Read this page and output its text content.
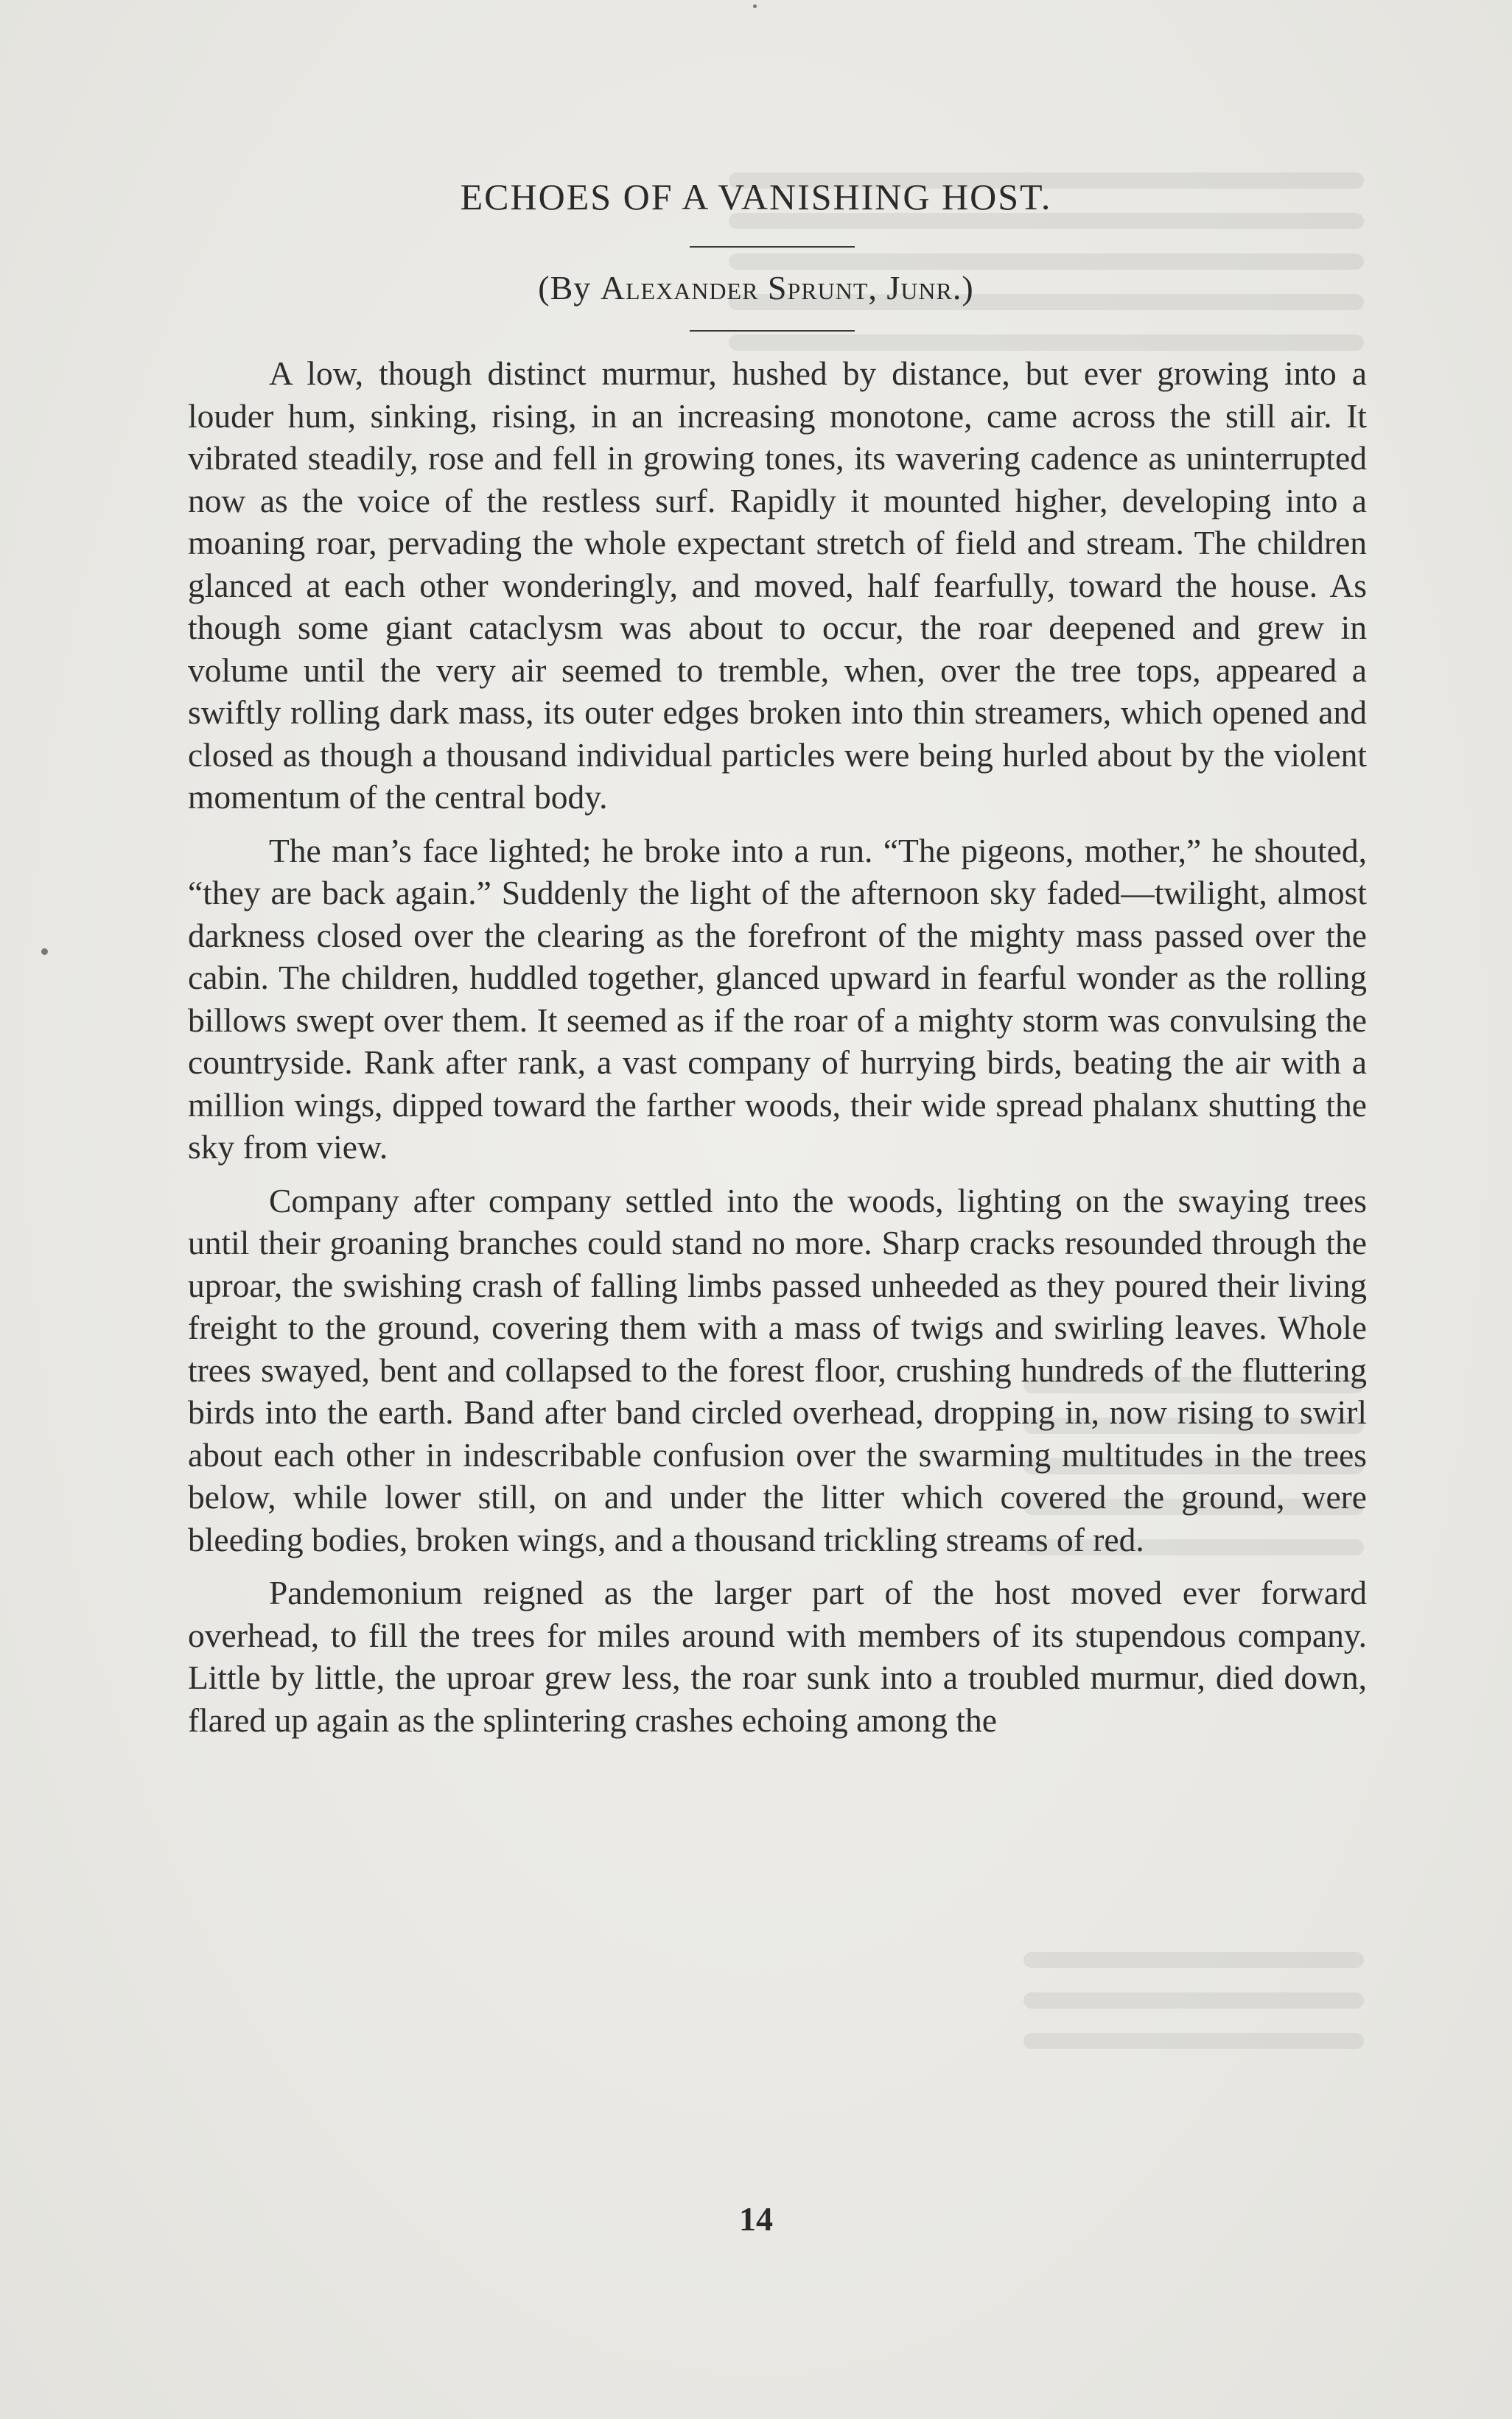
ECHOES OF A VANISHING HOST.
(By Alexander Sprunt, Junr.)

A low, though distinct murmur, hushed by distance, but ever growing into a louder hum, sinking, rising, in an increasing monotone, came across the still air. It vibrated steadily, rose and fell in growing tones, its wavering cadence as uninterrupted now as the voice of the restless surf. Rapidly it mounted higher, developing into a moaning roar, pervading the whole expectant stretch of field and stream. The children glanced at each other wonderingly, and moved, half fearfully, toward the house. As though some giant cataclysm was about to occur, the roar deepened and grew in volume until the very air seemed to tremble, when, over the tree tops, appeared a swiftly rolling dark mass, its outer edges broken into thin streamers, which opened and closed as though a thousand individual particles were being hurled about by the violent momentum of the central body.

The man’s face lighted; he broke into a run. “The pigeons, mother,” he shouted, “they are back again.” Suddenly the light of the afternoon sky faded—twilight, almost darkness closed over the clearing as the forefront of the mighty mass passed over the cabin. The children, huddled together, glanced upward in fearful wonder as the rolling billows swept over them. It seemed as if the roar of a mighty storm was convulsing the countryside. Rank after rank, a vast company of hurrying birds, beating the air with a million wings, dipped toward the farther woods, their wide spread phalanx shutting the sky from view.

Company after company settled into the woods, lighting on the swaying trees until their groaning branches could stand no more. Sharp cracks resounded through the uproar, the swishing crash of falling limbs passed unheeded as they poured their living freight to the ground, covering them with a mass of twigs and swirling leaves. Whole trees swayed, bent and collapsed to the forest floor, crushing hundreds of the fluttering birds into the earth. Band after band circled overhead, dropping in, now rising to swirl about each other in indescribable confusion over the swarming multitudes in the trees below, while lower still, on and under the litter which covered the ground, were bleeding bodies, broken wings, and a thousand trickling streams of red.

Pandemonium reigned as the larger part of the host moved ever forward overhead, to fill the trees for miles around with members of its stupendous company. Little by little, the uproar grew less, the roar sunk into a troubled murmur, died down, flared up again as the splintering crashes echoing among the

14
